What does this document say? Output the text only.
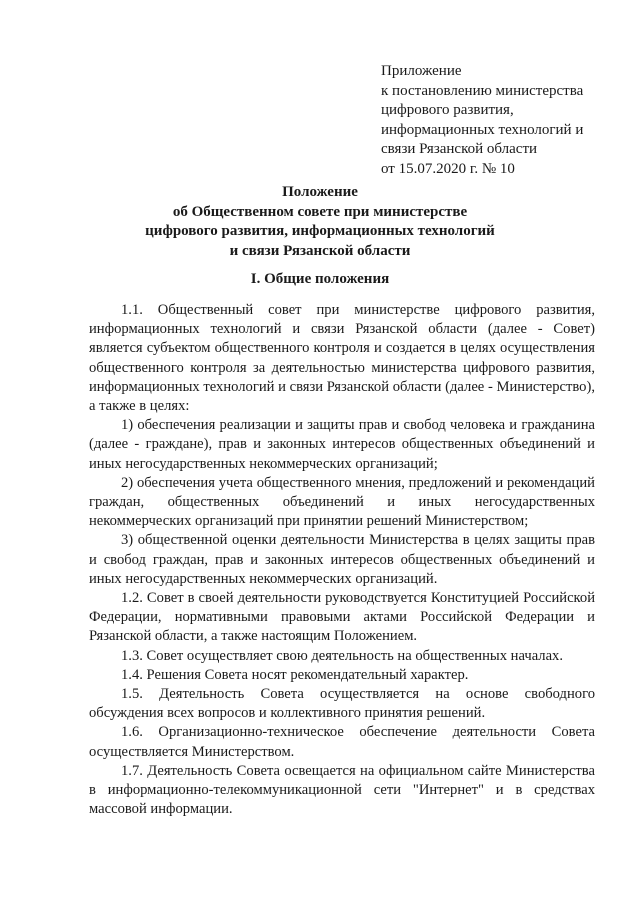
Приложение
к постановлению министерства
цифрового развития,
информационных технологий и
связи Рязанской области
от 15.07.2020 г. № 10
Положение
об Общественном совете при министерстве
цифрового развития, информационных технологий
и связи Рязанской области
I. Общие положения

1.1. Общественный совет при министерстве цифрового развития, информационных технологий и связи Рязанской области (далее - Совет) является субъектом общественного контроля и создается в целях осуществления общественного контроля за деятельностью министерства цифрового развития, информационных технологий и связи Рязанской области (далее - Министерство), а также в целях:

1) обеспечения реализации и защиты прав и свобод человека и гражданина (далее - граждане), прав и законных интересов общественных объединений и иных негосударственных некоммерческих организаций;

2) обеспечения учета общественного мнения, предложений и рекомендаций граждан, общественных объединений и иных негосударственных некоммерческих организаций при принятии решений Министерством;

3) общественной оценки деятельности Министерства в целях защиты прав и свобод граждан, прав и законных интересов общественных объединений и иных негосударственных некоммерческих организаций.

1.2. Совет в своей деятельности руководствуется Конституцией Российской Федерации, нормативными правовыми актами Российской Федерации и Рязанской области, а также настоящим Положением.

1.3. Совет осуществляет свою деятельность на общественных началах.

1.4. Решения Совета носят рекомендательный характер.

1.5. Деятельность Совета осуществляется на основе свободного обсуждения всех вопросов и коллективного принятия решений.

1.6. Организационно-техническое обеспечение деятельности Совета осуществляется Министерством.

1.7. Деятельность Совета освещается на официальном сайте Министерства в информационно-телекоммуникационной сети "Интернет" и в средствах массовой информации.
